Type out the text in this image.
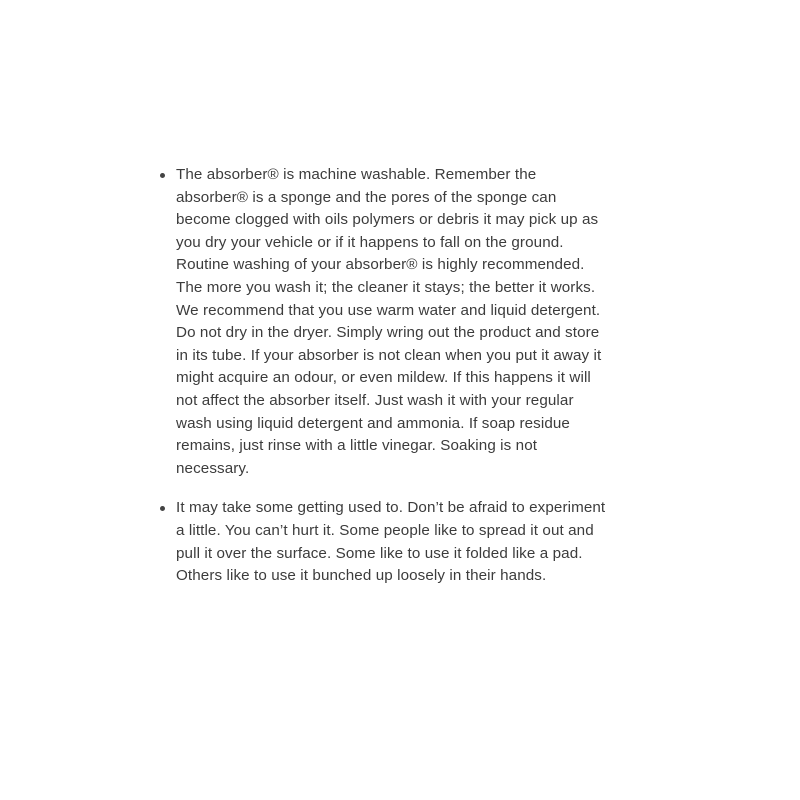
The absorber® is machine washable. Remember the absorber® is a sponge and the pores of the sponge can become clogged with oils polymers or debris it may pick up as you dry your vehicle or if it happens to fall on the ground. Routine washing of your absorber® is highly recommended. The more you wash it; the cleaner it stays; the better it works. We recommend that you use warm water and liquid detergent. Do not dry in the dryer. Simply wring out the product and store in its tube. If your absorber is not clean when you put it away it might acquire an odour, or even mildew. If this happens it will not affect the absorber itself. Just wash it with your regular wash using liquid detergent and ammonia. If soap residue remains, just rinse with a little vinegar. Soaking is not necessary.
It may take some getting used to. Don’t be afraid to experiment a little. You can’t hurt it. Some people like to spread it out and pull it over the surface. Some like to use it folded like a pad. Others like to use it bunched up loosely in their hands.
